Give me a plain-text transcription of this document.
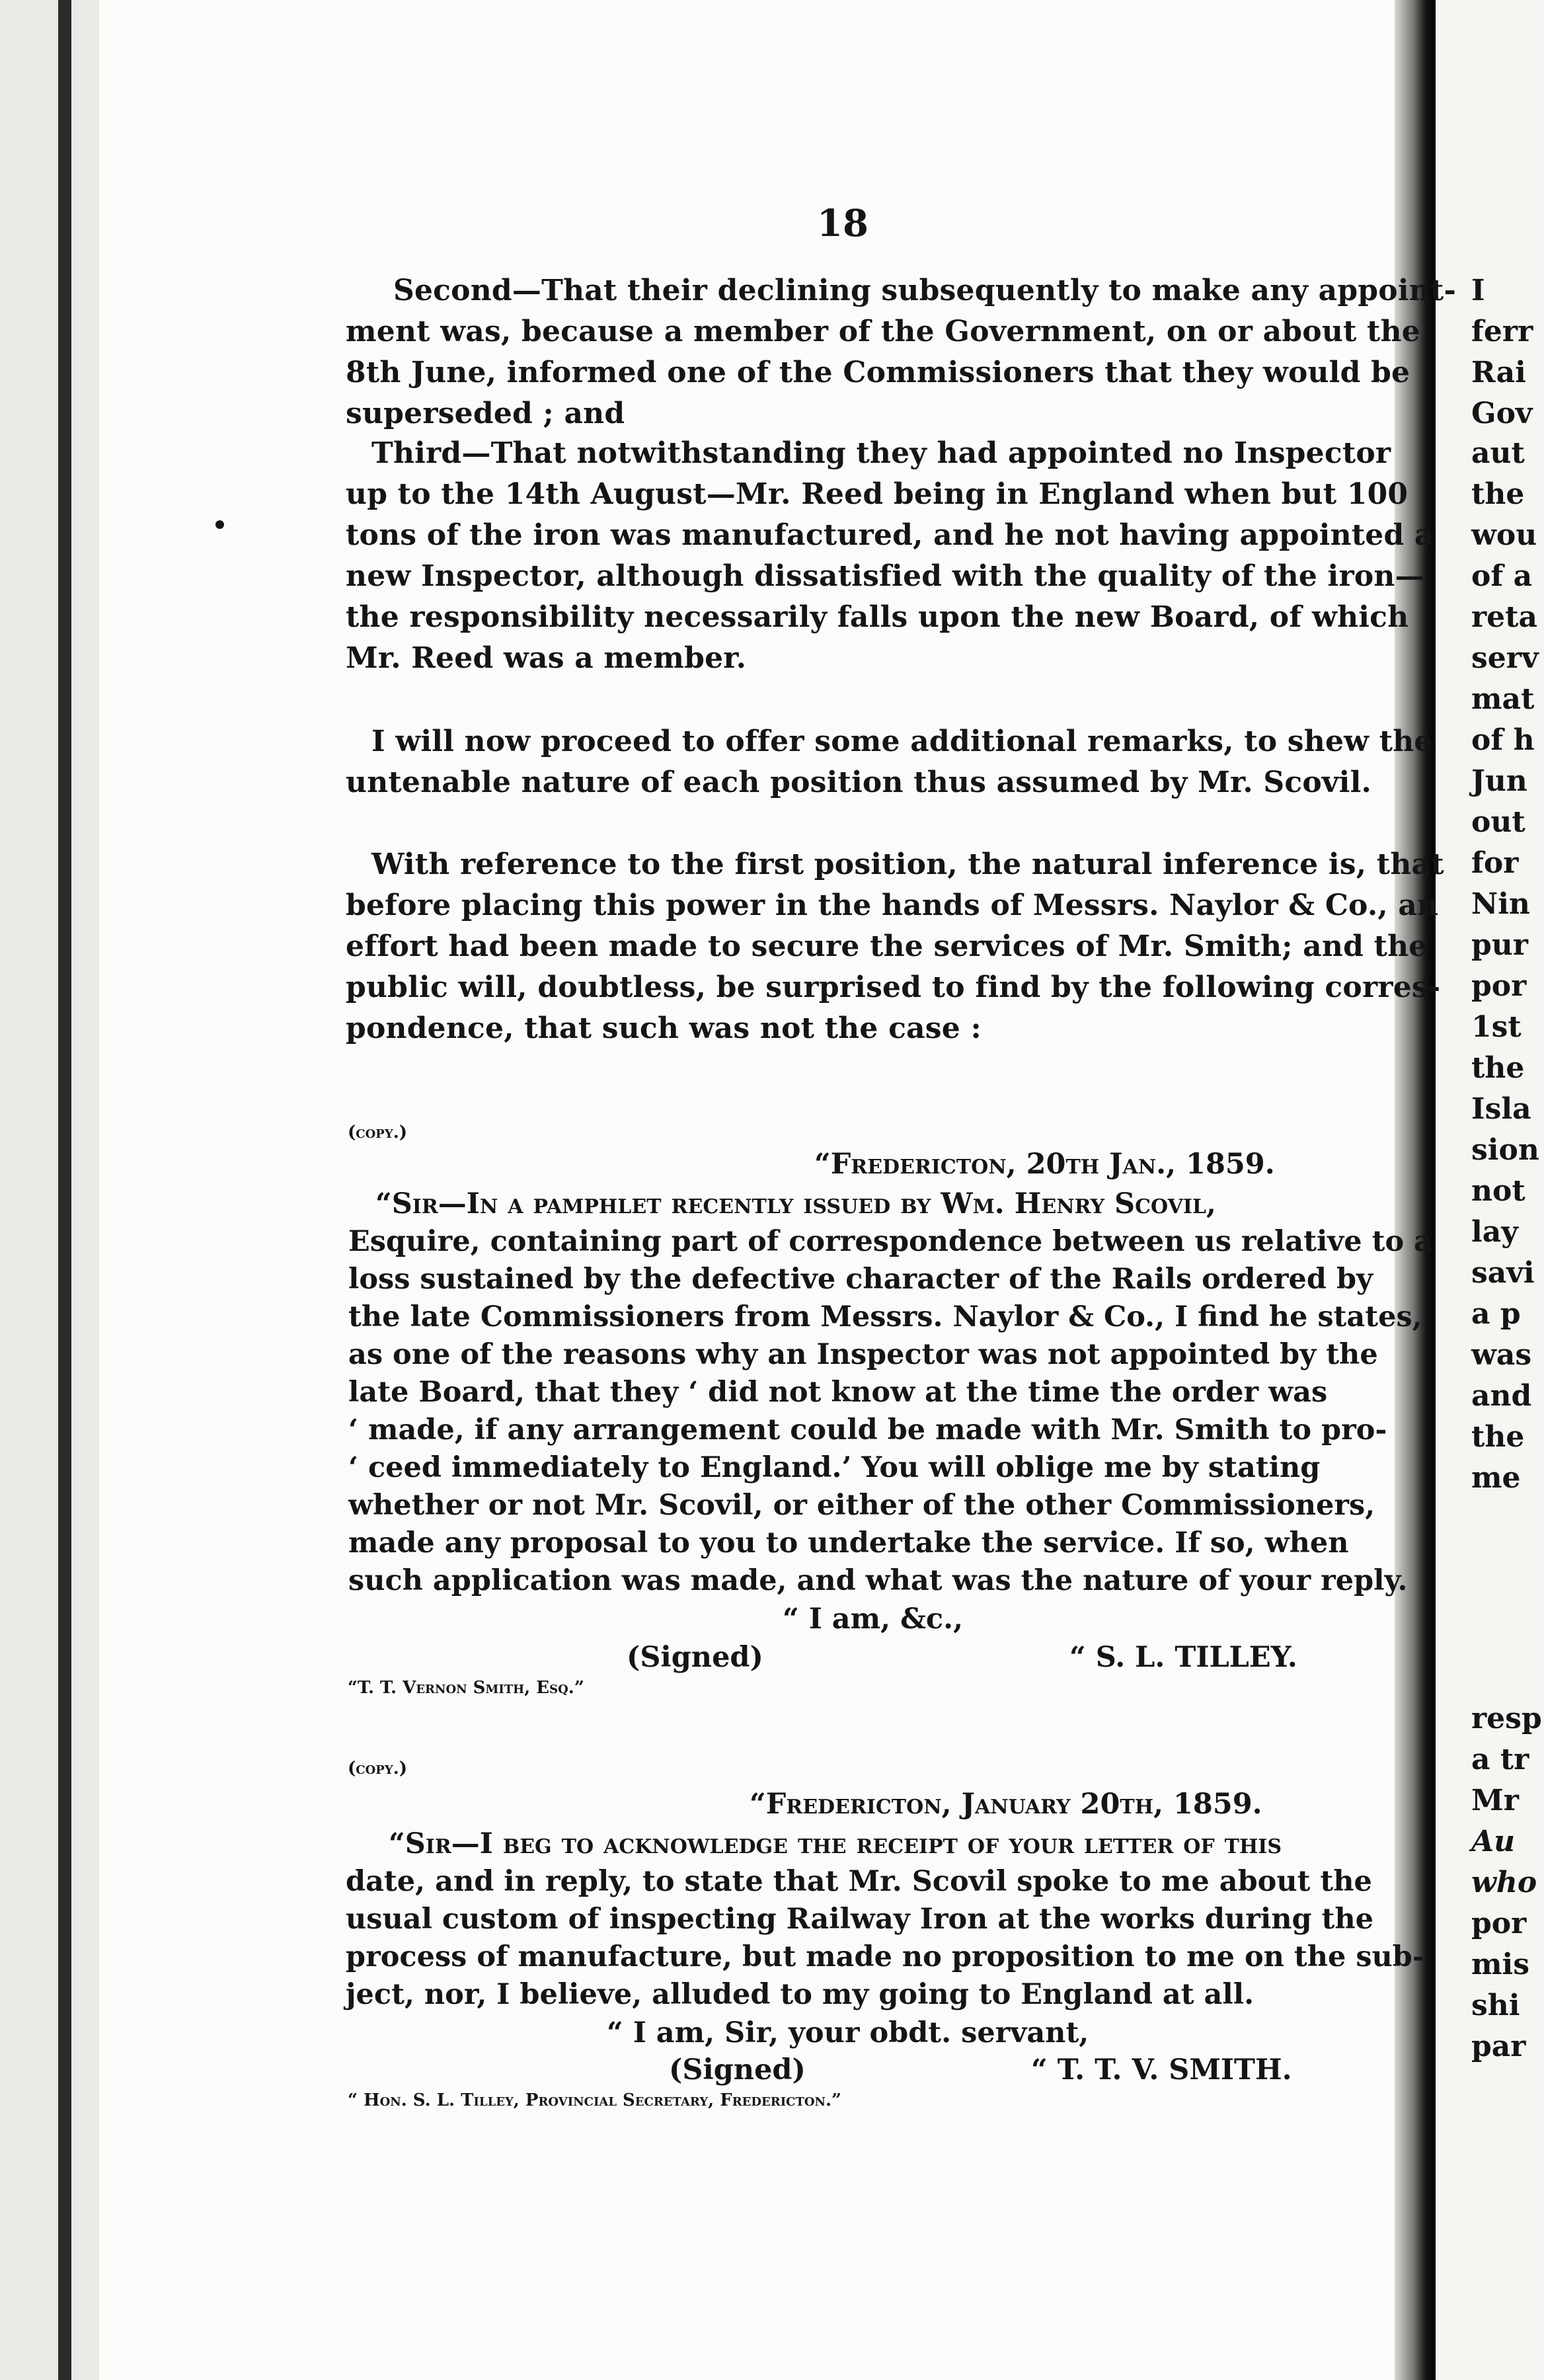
18
Second—That their declining subsequently to make any appoint-
ment was, because a member of the Government, on or about the
8th June, informed one of the Commissioners that they would be
superseded ; and
Third—That notwithstanding they had appointed no Inspector
up to the 14th August—Mr. Reed being in England when but 100
tons of the iron was manufactured, and he not having appointed a
new Inspector, although dissatisfied with the quality of the iron—
the responsibility necessarily falls upon the new Board, of which
Mr. Reed was a member.
I will now proceed to offer some additional remarks, to shew the
untenable nature of each position thus assumed by Mr. Scovil.
With reference to the first position, the natural inference is, that
before placing this power in the hands of Messrs. Naylor & Co., an
effort had been made to secure the services of Mr. Smith; and the
public will, doubtless, be surprised to find by the following corres-
pondence, that such was not the case :
(copy.)
“Fredericton, 20th Jan., 1859.
“Sir—In a pamphlet recently issued by Wm. Henry Scovil,
Esquire, containing part of correspondence between us relative to a
loss sustained by the defective character of the Rails ordered by
the late Commissioners from Messrs. Naylor & Co., I find he states,
as one of the reasons why an Inspector was not appointed by the
late Board, that they ‘ did not know at the time the order was
‘ made, if any arrangement could be made with Mr. Smith to pro-
‘ ceed immediately to England.’ You will oblige me by stating
whether or not Mr. Scovil, or either of the other Commissioners,
made any proposal to you to undertake the service. If so, when
such application was made, and what was the nature of your reply.
“ I am, &c.,
(Signed)	“ S. L. TILLEY.
“T. T. Vernon Smith, Esq.”
(copy.)
“Fredericton, January 20th, 1859.
“Sir—I beg to acknowledge the receipt of your letter of this
date, and in reply, to state that Mr. Scovil spoke to me about the
usual custom of inspecting Railway Iron at the works during the
process of manufacture, but made no proposition to me on the sub-
ject, nor, I believe, alluded to my going to England at all.
“ I am, Sir, your obdt. servant,
(Signed)	“ T. T. V. SMITH.
“ Hon. S. L. Tilley, Provincial Secretary, Fredericton.”
I
ferr
Rai
Gov
aut
the
wou
of a
reta
serv
mat
of h
Jun
out
for
Nin
pur
por
1st
the
Isla
sion
not
lay
savi
a p
was
and
the
me
resp
a tr
Mr
Au
who
por
mis
shi
par
